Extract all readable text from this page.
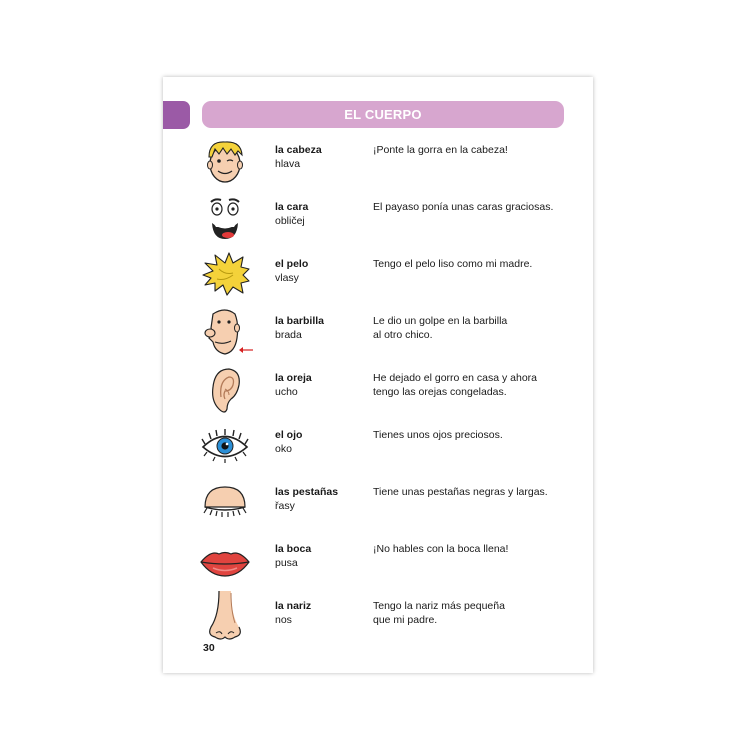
EL CUERPO
la cabeza
hlava
¡Ponte la gorra en la cabeza!
la cara
obličej
El payaso ponía unas caras graciosas.
el pelo
vlasy
Tengo el pelo liso como mi madre.
la barbilla
brada
Le dio un golpe en la barbilla
al otro chico.
la oreja
ucho
He dejado el gorro en casa y ahora
tengo las orejas congeladas.
el ojo
oko
Tienes unos ojos preciosos.
las pestañas
řasy
Tiene unas pestañas negras y largas.
la boca
pusa
¡No hables con la boca llena!
la nariz
nos
Tengo la nariz más pequeña
que mi padre.
30
